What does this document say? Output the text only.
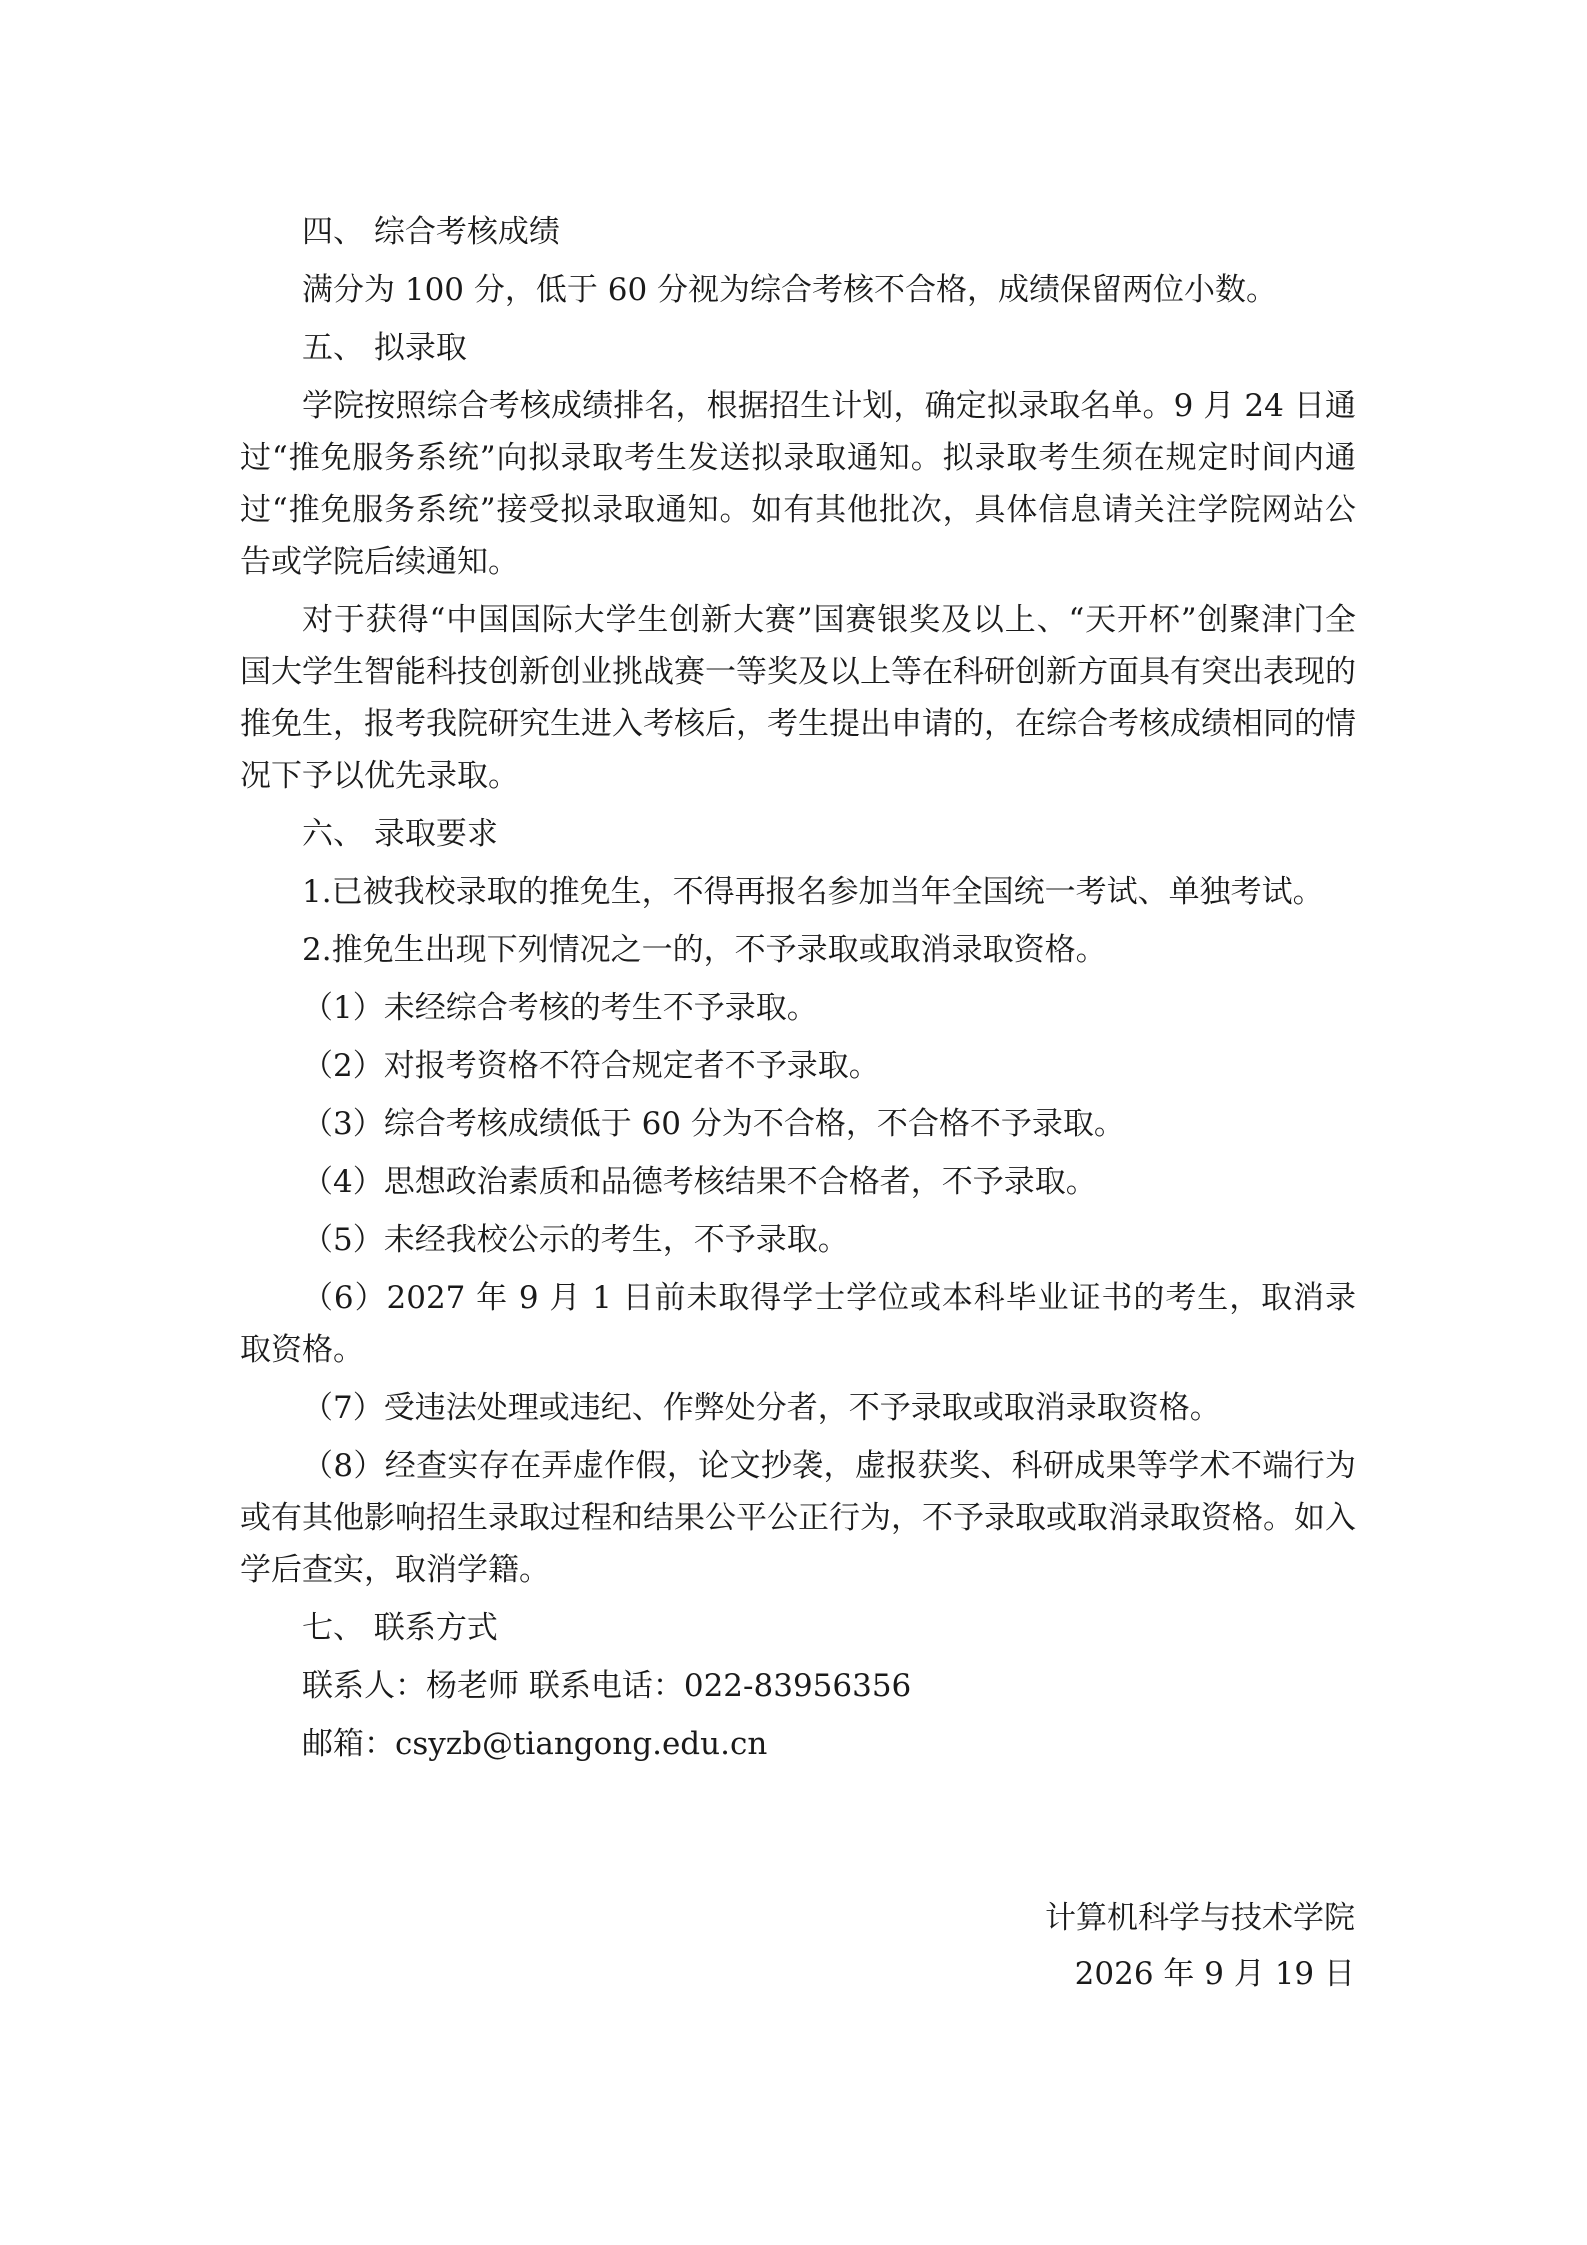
四、 综合考核成绩

满分为 100 分，低于 60 分视为综合考核不合格，成绩保留两位小数。

五、 拟录取

学院按照综合考核成绩排名，根据招生计划，确定拟录取名单。9 月 24 日通过“推免服务系统”向拟录取考生发送拟录取通知。拟录取考生须在规定时间内通过“推免服务系统”接受拟录取通知。如有其他批次，具体信息请关注学院网站公告或学院后续通知。

对于获得“中国国际大学生创新大赛”国赛银奖及以上、“天开杯”创聚津门全国大学生智能科技创新创业挑战赛一等奖及以上等在科研创新方面具有突出表现的推免生，报考我院研究生进入考核后，考生提出申请的，在综合考核成绩相同的情况下予以优先录取。

六、 录取要求

1.已被我校录取的推免生，不得再报名参加当年全国统一考试、单独考试。

2.推免生出现下列情况之一的，不予录取或取消录取资格。

（1）未经综合考核的考生不予录取。

（2）对报考资格不符合规定者不予录取。

（3）综合考核成绩低于 60 分为不合格，不合格不予录取。

（4）思想政治素质和品德考核结果不合格者，不予录取。

（5）未经我校公示的考生，不予录取。

（6）2027 年 9 月 1 日前未取得学士学位或本科毕业证书的考生，取消录取资格。

（7）受违法处理或违纪、作弊处分者，不予录取或取消录取资格。

（8）经查实存在弄虚作假，论文抄袭，虚报获奖、科研成果等学术不端行为或有其他影响招生录取过程和结果公平公正行为，不予录取或取消录取资格。如入学后查实，取消学籍。

七、 联系方式

联系人：杨老师 联系电话：022-83956356

邮箱：csyzb@tiangong.edu.cn

计算机科学与技术学院
2026 年 9 月 19 日
